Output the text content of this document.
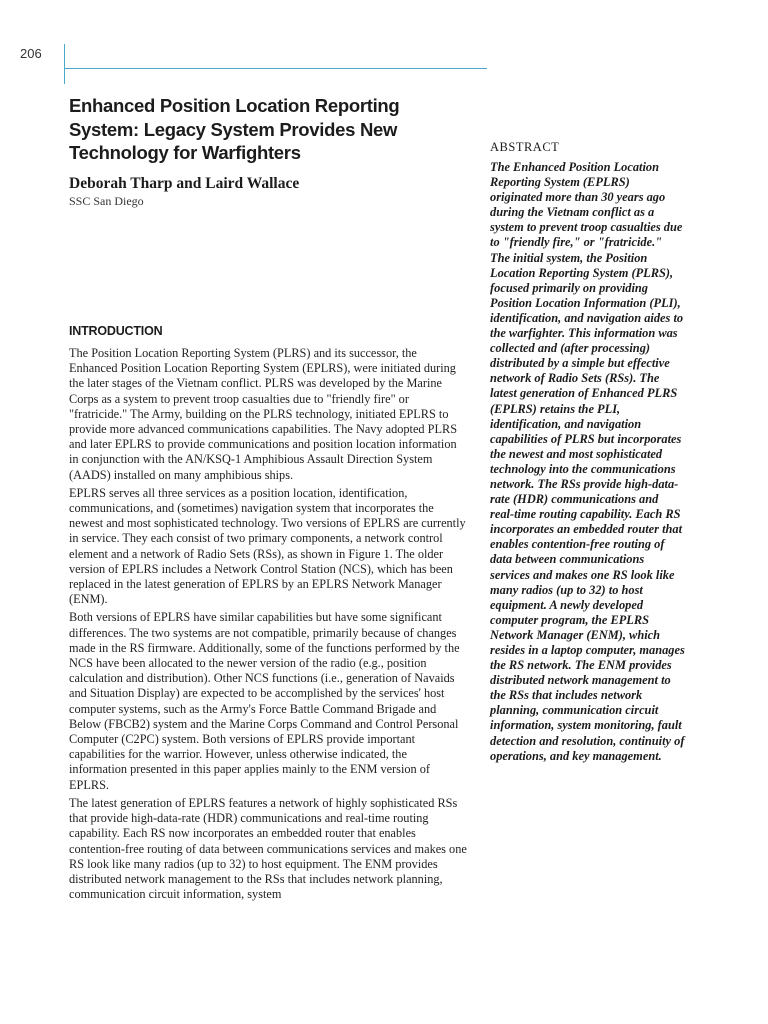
206
Enhanced Position Location Reporting System: Legacy System Provides New Technology for Warfighters

Deborah Tharp and Laird Wallace

SSC San Diego

INTRODUCTION

The Position Location Reporting System (PLRS) and its successor, the Enhanced Position Location Reporting System (EPLRS), were initiated during the later stages of the Vietnam conflict. PLRS was developed by the Marine Corps as a system to prevent troop casualties due to "friendly fire" or "fratricide." The Army, building on the PLRS technology, initiated EPLRS to provide more advanced communications capabilities. The Navy adopted PLRS and later EPLRS to provide communications and position location information in conjunction with the AN/KSQ-1 Amphibious Assault Direction System (AADS) installed on many amphibious ships.

EPLRS serves all three services as a position location, identification, communications, and (sometimes) navigation system that incorporates the newest and most sophisticated technology. Two versions of EPLRS are currently in service. They each consist of two primary components, a network control element and a network of Radio Sets (RSs), as shown in Figure 1. The older version of EPLRS includes a Network Control Station (NCS), which has been replaced in the latest generation of EPLRS by an EPLRS Network Manager (ENM).

Both versions of EPLRS have similar capabilities but have some significant differences. The two systems are not compatible, primarily because of changes made in the RS firmware. Additionally, some of the functions performed by the NCS have been allocated to the newer version of the radio (e.g., position calculation and distribution). Other NCS functions (i.e., generation of Navaids and Situation Display) are expected to be accomplished by the services' host computer systems, such as the Army's Force Battle Command Brigade and Below (FBCB2) system and the Marine Corps Command and Control Personal Computer (C2PC) system. Both versions of EPLRS provide important capabilities for the warrior. However, unless otherwise indicated, the information presented in this paper applies mainly to the ENM version of EPLRS.

The latest generation of EPLRS features a network of highly sophisticated RSs that provide high-data-rate (HDR) communications and real-time routing capability. Each RS now incorporates an embedded router that enables contention-free routing of data between communications services and makes one RS look like many radios (up to 32) to host equipment. The ENM provides distributed network management to the RSs that includes network planning, communication circuit information, system

ABSTRACT

The Enhanced Position Location Reporting System (EPLRS) originated more than 30 years ago during the Vietnam conflict as a system to prevent troop casualties due to "friendly fire," or "fratricide." The initial system, the Position Location Reporting System (PLRS), focused primarily on providing Position Location Information (PLI), identification, and navigation aides to the warfighter. This information was collected and (after processing) distributed by a simple but effective network of Radio Sets (RSs). The latest generation of Enhanced PLRS (EPLRS) retains the PLI, identification, and navigation capabilities of PLRS but incorporates the newest and most sophisticated technology into the communications network. The RSs provide high-data-rate (HDR) communications and real-time routing capability. Each RS incorporates an embedded router that enables contention-free routing of data between communications services and makes one RS look like many radios (up to 32) to host equipment. A newly developed computer program, the EPLRS Network Manager (ENM), which resides in a laptop computer, manages the RS network. The ENM provides distributed network management to the RSs that includes network planning, communication circuit information, system monitoring, fault detection and resolution, continuity of operations, and key management.
